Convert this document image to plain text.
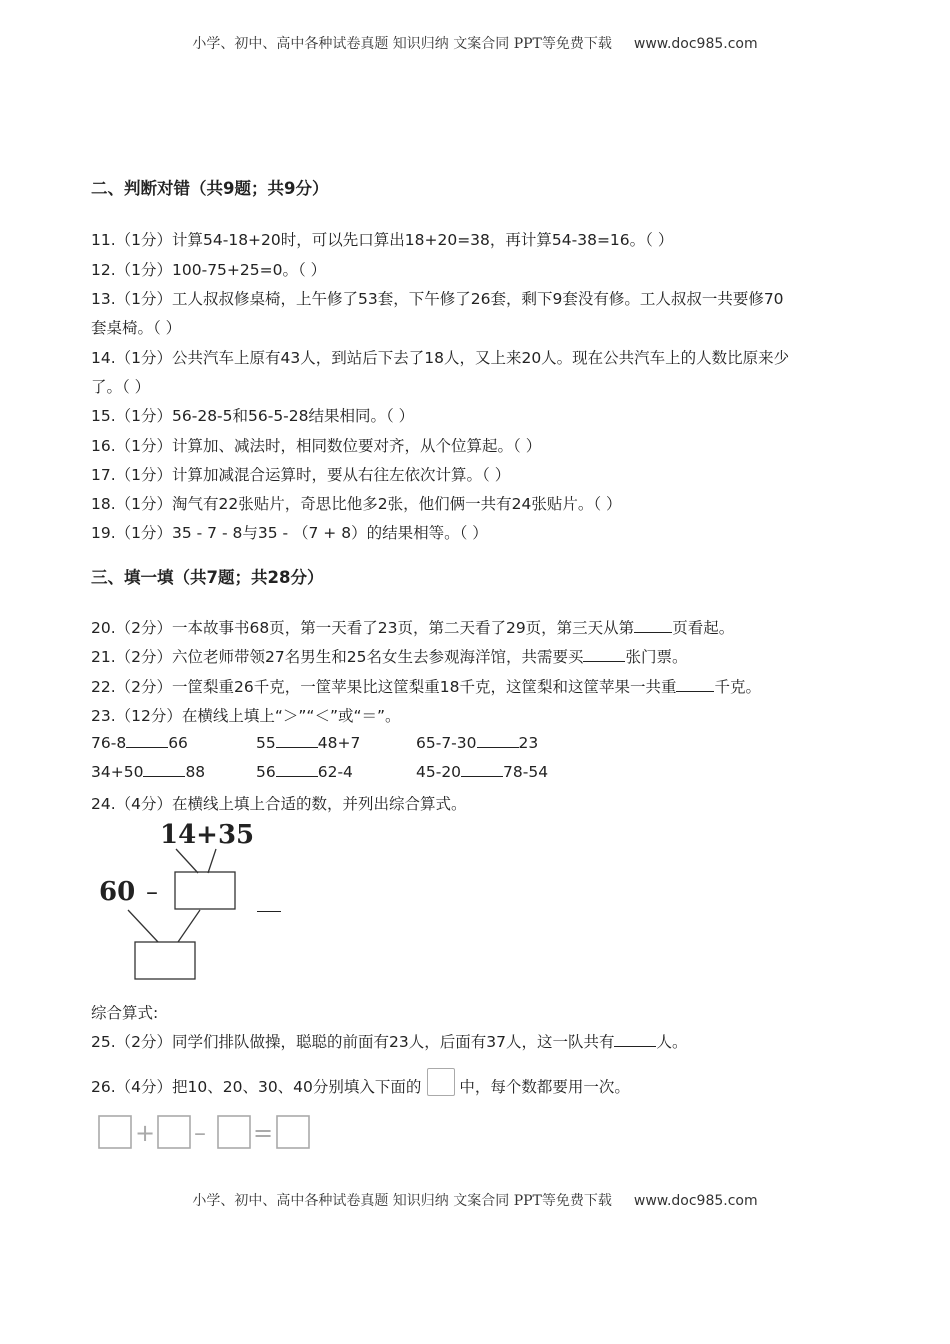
小学、初中、高中各种试卷真题 知识归纳 文案合同 PPT等免费下载 www.doc985.com
二、判断对错（共9题；共9分）
11.（1分）计算54-18+20时，可以先口算出18+20=38，再计算54-38=16。（ ）
12.（1分）100-75+25=0。（ ）
13.（1分）工人叔叔修桌椅，上午修了53套，下午修了26套，剩下9套没有修。工人叔叔一共要修70
套桌椅。（ ）
14.（1分）公共汽车上原有43人，到站后下去了18人，又上来20人。现在公共汽车上的人数比原来少
了。（ ）
15.（1分）56-28-5和56-5-28结果相同。（ ）
16.（1分）计算加、减法时，相同数位要对齐，从个位算起。（ ）
17.（1分）计算加减混合运算时，要从右往左依次计算。（ ）
18.（1分）淘气有22张贴片，奇思比他多2张，他们俩一共有24张贴片。（ ）
19.（1分）35 - 7 - 8与35 - （7 + 8）的结果相等。（ ）
三、填一填（共7题；共28分）
20.（2分）一本故事书68页，第一天看了23页，第二天看了29页，第三天从第 页看起。
21.（2分）六位老师带领27名男生和25名女生去参观海洋馆，共需要买	张门票。
22.（2分）一筐梨重26千克，一筐苹果比这筐梨重18千克，这筐梨和这筐苹果一共重 千克。
23.（12分）在横线上填上“＞”“＜”或“＝”。
76-8	66	55	48+7	65-7-30	23
34+50	88	56	62-4	45-20	78-54
24.（4分）在横线上填上合适的数，并列出综合算式。
14+35
60 –
综合算式:
25.（2分）同学们排队做操，聪聪的前面有23人，后面有37人，这一队共有	人。
26.（4分）把10、20、30、40分别填入下面的 中，每个数都要用一次。
+ – =
小学、初中、高中各种试卷真题 知识归纳 文案合同 PPT等免费下载 www.doc985.com
